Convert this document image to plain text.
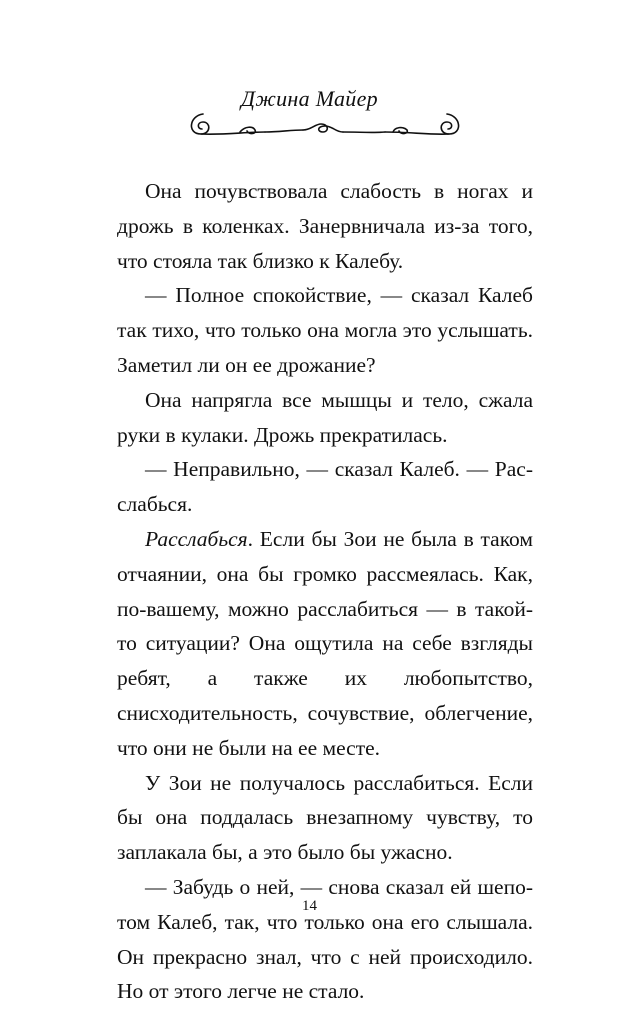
Джина Майер

Она почувствовала слабость в ногах и дрожь в коленках. Занервничала из-за того, что стояла так близко к Калебу.

— Полное спокойствие, — сказал Калеб так тихо, что только она могла это услышать. Заметил ли он ее дрожание?

Она напрягла все мышцы и тело, сжала руки в кулаки. Дрожь прекратилась.

— Неправильно, — сказал Калеб. — Расслабься.

Расслабься. Если бы Зои не была в таком отчаянии, она бы громко рассмеялась. Как, по-вашему, можно расслабиться — в такой-то ситуации? Она ощутила на себе взгляды ребят, а также их любопытство, снисходительность, сочувствие, облегчение, что они не были на ее месте.

У Зои не получалось расслабиться. Если бы она поддалась внезапному чувству, то заплакала бы, а это было бы ужасно.

— Забудь о ней, — снова сказал ей шепотом Калеб, так, что только она его слышала. Он прекрасно знал, что с ней происходило. Но от этого легче не стало.

14
